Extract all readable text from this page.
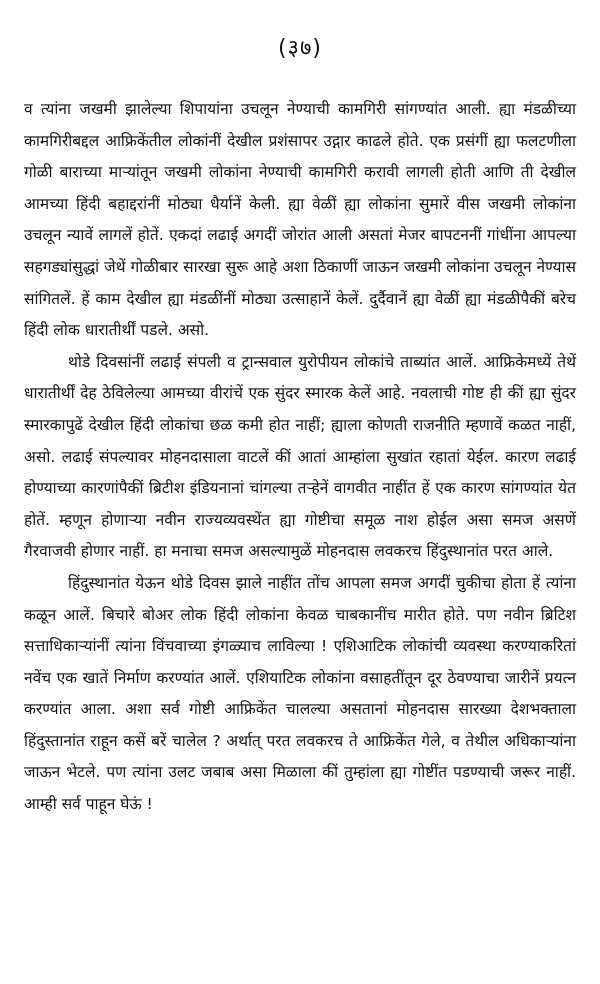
(३७)

व त्यांना जखमी झालेल्या शिपायांना उचलून नेण्याची कामगिरी सांगण्यांत आली. ह्या मंडळीच्या कामगिरीबद्दल आफ्रिकेंतील लोकांनीं देखील प्रशंसापर उद्गार काढले होते. एक प्रसंगीं ह्या फलटणीला गोळी बाराच्या माऱ्यांतून जखमी लोकांना नेण्याची कामगिरी करावी लागली होती आणि ती देखील आमच्या हिंदी बहाद्दरांनीं मोठ्या धैर्यानें केली. ह्या वेळीं ह्या लोकांना सुमारें वीस जखमी लोकांना उचलून न्यावें लागलें होतें. एकदां लढाई अगदीं जोरांत आली असतां मेजर बापटननीं गांधींना आपल्या सहगड्यांसुद्धां जेथें गोळीबार सारखा सुरू आहे अशा ठिकाणीं जाऊन जखमी लोकांना उचलून नेण्यास सांगितलें. हें काम देखील ह्या मंडळींनीं मोठ्या उत्साहानें केलें. दुर्दैवानें ह्या वेळीं ह्या मंडळीपैकीं बरेच हिंदी लोक धारातीर्थीं पडले. असो.

थोडे दिवसांनीं लढाई संपली व ट्रान्सवाल युरोपीयन लोकांचे ताब्यांत आलें. आफ्रिकेमध्यें तेथें धारातीर्थीं देह ठेविलेल्या आमच्या वीरांचें एक सुंदर स्मारक केलें आहे. नवलाची गोष्ट ही कीं ह्या सुंदर स्मारकापुढें देखील हिंदी लोकांचा छळ कमी होत नाहीं; ह्याला कोणती राजनीति म्हणावें कळत नाहीं, असो. लढाई संपल्यावर मोहनदासाला वाटलें कीं आतां आम्हांला सुखांत रहातां येईल. कारण लढाई होण्याच्या कारणांपैकीं ब्रिटीश इंडियनानां चांगल्या तऱ्हेनें वागवीत नाहींत हें एक कारण सांगण्यांत येत होतें. म्हणून होणाऱ्या नवीन राज्यव्यवस्थेंत ह्या गोष्टीचा समूळ नाश होईल असा समज असणें गैरवाजवी होणार नाहीं. हा मनाचा समज असल्यामुळें मोहनदास लवकरच हिंदुस्थानांत परत आले.

हिंदुस्थानांत येऊन थोडे दिवस झाले नाहींत तोंच आपला समज अगदीं चुकीचा होता हें त्यांना कळून आलें. बिचारे बोअर लोक हिंदी लोकांना केवळ चाबकानींच मारीत होते. पण नवीन ब्रिटिश सत्ताधिकाऱ्यांनीं त्यांना विंचवाच्या इंगळ्याच लाविल्या ! एशिआटिक लोकांची व्यवस्था करण्याकरितां नवेंच एक खातें निर्माण करण्यांत आलें. एशियाटिक लोकांना वसाहतींतून दूर ठेवण्याचा जारीनें प्रयत्न करण्यांत आला. अशा सर्व गोष्टी आफ्रिकेंत चालल्या असतानां मोहनदास सारख्या देशभक्ताला हिंदुस्तानांत राहून कसें बरें चालेल ? अर्थात् परत लवकरच ते आफ्रिकेंत गेले, व तेथील अधिकाऱ्यांना जाऊन भेटले. पण त्यांना उलट जबाब असा मिळाला कीं तुम्हांला ह्या गोष्टींत पडण्याची जरूर नाहीं. आम्ही सर्व पाहून घेऊं !
